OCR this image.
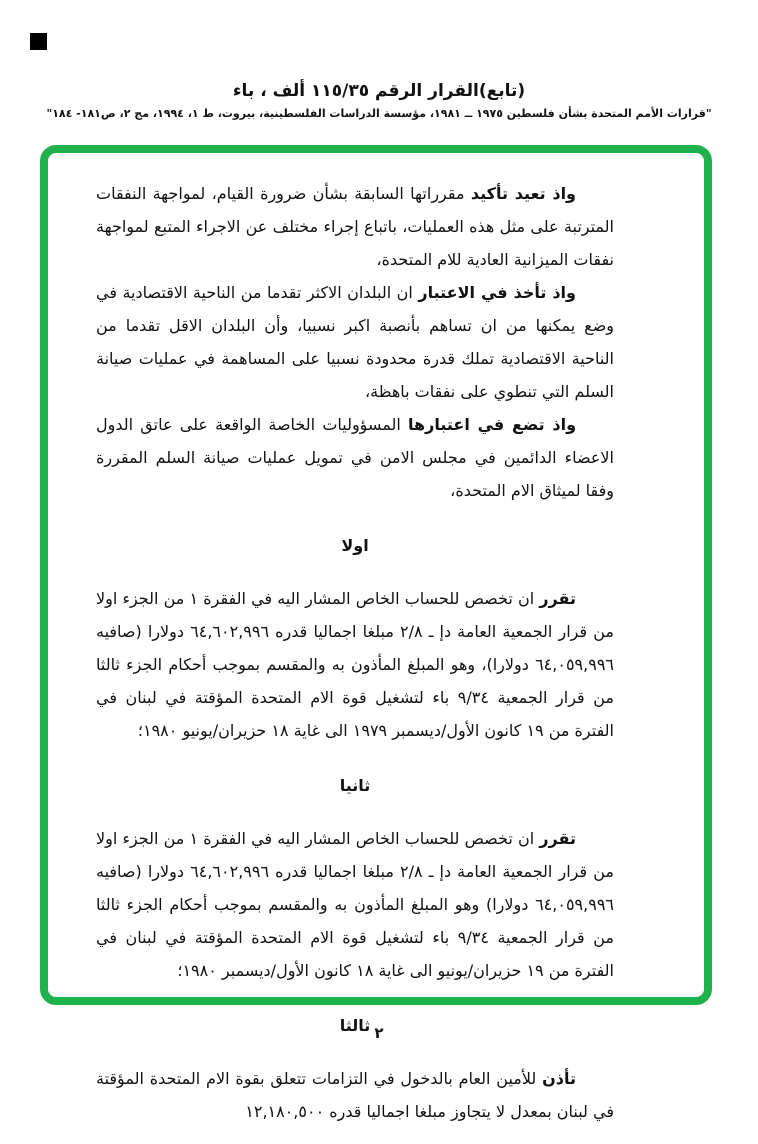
(تابع)القرار الرقم ١١٥/٣٥ ألف ، باء
"قرارات الأمم المتحدة بشأن فلسطين ١٩٧٥ ــ ١٩٨١، مؤسسة الدراسات الفلسطينية، بيروت، ط ١، ١٩٩٤، مج ٢، ص١٨١- ١٨٤"

واذ تعيد تأكيد مقرراتها السابقة بشأن ضرورة القيام، لمواجهة النفقات المترتبة على مثل هذه العمليات، باتباع إجراء مختلف عن الاجراء المتبع لمواجهة نفقات الميزانية العادية للام المتحدة،

واذ تأخذ في الاعتبار ان البلدان الاكثر تقدما من الناحية الاقتصادية في وضع يمكنها من ان تساهم بأنصبة اكبر نسبيا، وأن البلدان الاقل تقدما من الناحية الاقتصادية تملك قدرة محدودة نسبيا على المساهمة في عمليات صيانة السلم التي تنطوي على نفقات باهظة،

واذ تضع في اعتبارها المسؤوليات الخاصة الواقعة على عاتق الدول الاعضاء الدائمين في مجلس الامن في تمويل عمليات صيانة السلم المقررة وفقا لميثاق الام المتحدة،

اولا

تقرر ان تخصص للحساب الخاص المشار اليه في الفقرة ١ من الجزء اولا من قرار الجمعية العامة دإ ـ ٢/٨ مبلغا اجماليا قدره ٦٤,٦٠٢,٩٩٦ دولارا (صافيه ٦٤,٠٥٩,٩٩٦ دولارا)، وهو المبلغ المأذون به والمقسم بموجب أحكام الجزء ثالثا من قرار الجمعية ٩/٣٤ باء لتشغيل قوة الام المتحدة المؤقتة في لبنان في الفترة من ١٩ كانون الأول/ديسمبر ١٩٧٩ الى غاية ١٨ حزيران/يونيو ١٩٨٠؛

ثانيا

تقرر ان تخصص للحساب الخاص المشار اليه في الفقرة ١ من الجزء اولا من قرار الجمعية العامة دإ ـ ٢/٨ مبلغا اجماليا قدره ٦٤,٦٠٢,٩٩٦ دولارا (صافيه ٦٤,٠٥٩,٩٩٦ دولارا) وهو المبلغ المأذون به والمقسم بموجب أحكام الجزء ثالثا من قرار الجمعية ٩/٣٤ باء لتشغيل قوة الام المتحدة المؤقتة في لبنان في الفترة من ١٩ حزيران/يونيو الى غاية ١٨ كانون الأول/ديسمبر ١٩٨٠؛

ثالثا

تأذن للأمين العام بالدخول في التزامات تتعلق بقوة الام المتحدة المؤقتة في لبنان بمعدل لا يتجاوز مبلغا اجماليا قدره ١٢,١٨٠,٥٠٠

٢
